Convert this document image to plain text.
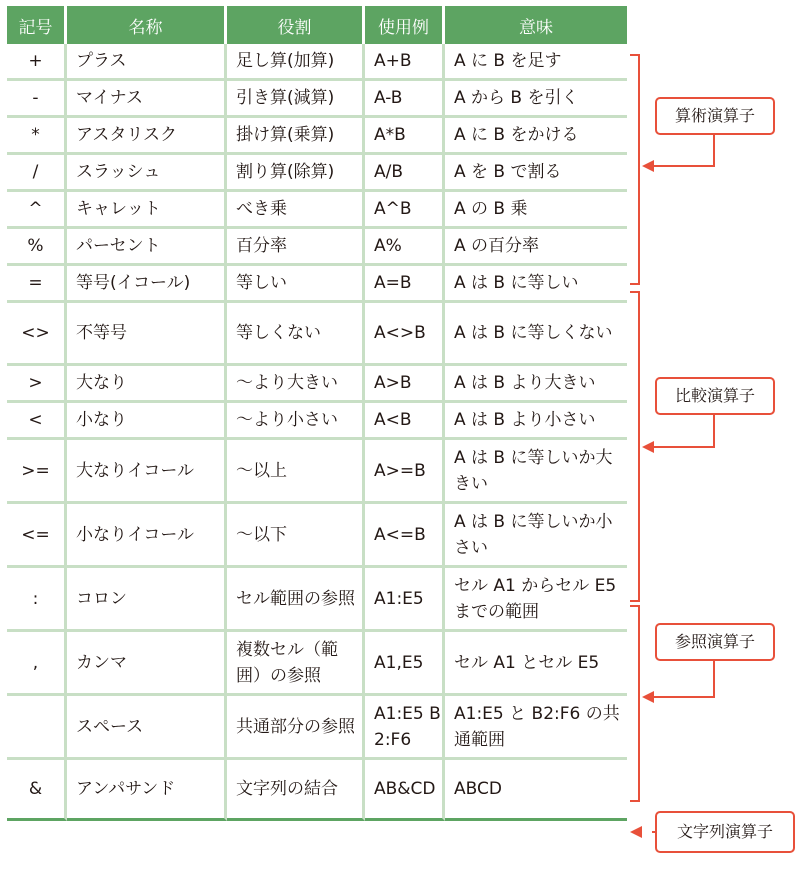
記号	名称	役割	使用例	意味
+	プラス	足し算(加算)	A+B	A に B を足す
-	マイナス	引き算(減算)	A-B	A から B を引く
*	アスタリスク	掛け算(乗算)	A*B	A に B をかける
/	スラッシュ	割り算(除算)	A/B	A を B で割る
^	キャレット	べき乗	A^B	A の B 乗
%	パーセント	百分率	A%	A の百分率
=	等号(イコール)	等しい	A=B	A は B に等しい
<>	不等号	等しくない	A<>B	A は B に等しくない
>	大なり	～より大きい	A>B	A は B より大きい
<	小なり	～より小さい	A<B	A は B より小さい
>=	大なりイコール	～以上	A>=B	A は B に等しいか大きい
<=	小なりイコール	～以下	A<=B	A は B に等しいか小さい
:	コロン	セル範囲の参照	A1:E5	セル A1 からセル E5 までの範囲
,	カンマ	複数セル（範囲）の参照	A1,E5	セル A1 とセル E5
	スペース	共通部分の参照	A1:E5 B2:F6	A1:E5 と B2:F6 の共通範囲
&	アンパサンド	文字列の結合	AB&CD	ABCD
算術演算子
比較演算子
参照演算子
文字列演算子
